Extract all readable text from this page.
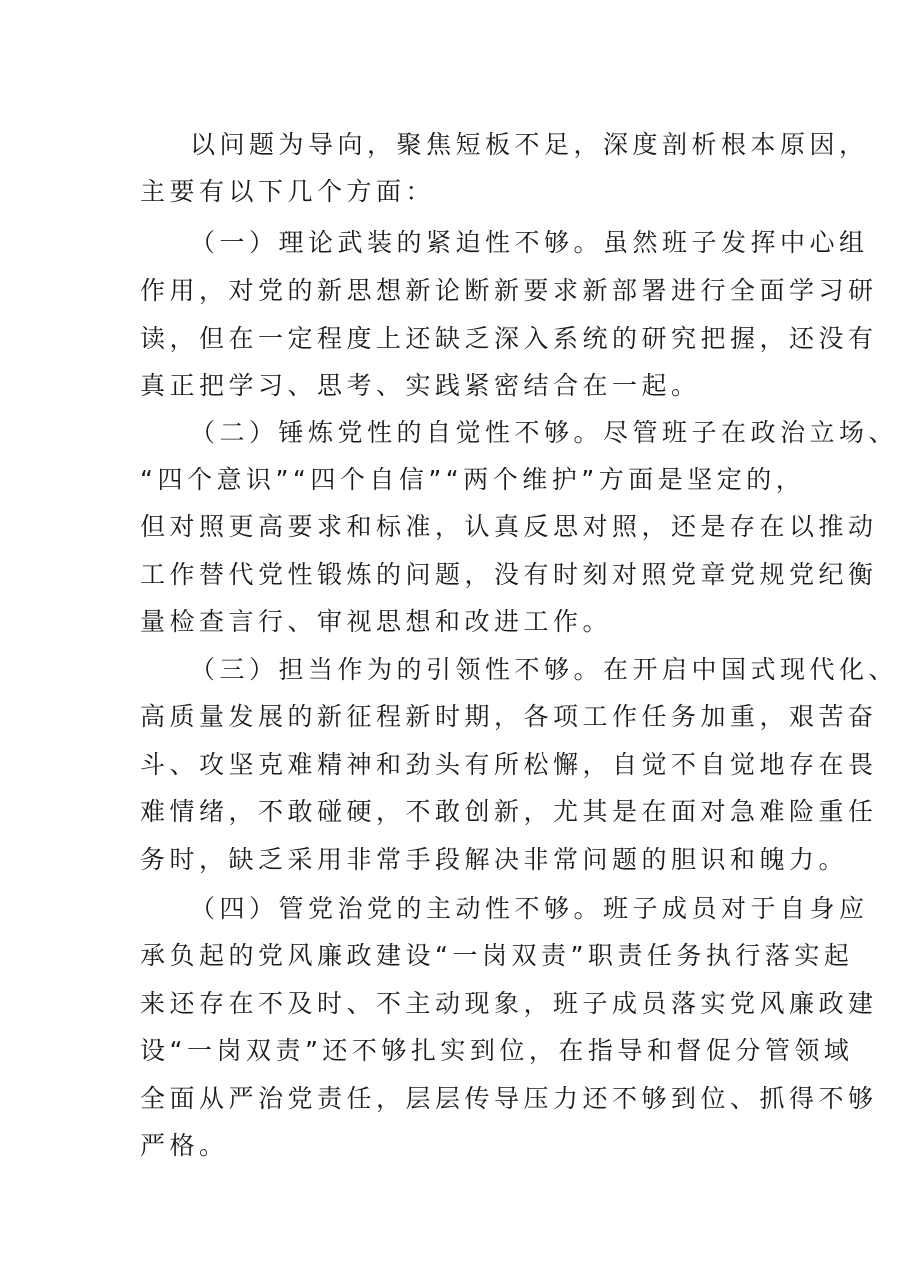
以问题为导向，聚焦短板不足，深度剖析根本原因，

主要有以下几个方面：

（一）理论武装的紧迫性不够。虽然班子发挥中心组

作用，对党的新思想新论断新要求新部署进行全面学习研

读，但在一定程度上还缺乏深入系统的研究把握，还没有

真正把学习、思考、实践紧密结合在一起。

（二）锤炼党性的自觉性不够。尽管班子在政治立场、

“四个意识”“四个自信”“两个维护”方面是坚定的，

但对照更高要求和标准，认真反思对照，还是存在以推动

工作替代党性锻炼的问题，没有时刻对照党章党规党纪衡

量检查言行、审视思想和改进工作。

（三）担当作为的引领性不够。在开启中国式现代化、

高质量发展的新征程新时期，各项工作任务加重，艰苦奋

斗、攻坚克难精神和劲头有所松懈，自觉不自觉地存在畏

难情绪，不敢碰硬，不敢创新，尤其是在面对急难险重任

务时，缺乏采用非常手段解决非常问题的胆识和魄力。

（四）管党治党的主动性不够。班子成员对于自身应

承负起的党风廉政建设“一岗双责”职责任务执行落实起

来还存在不及时、不主动现象，班子成员落实党风廉政建

设“一岗双责”还不够扎实到位，在指导和督促分管领域

全面从严治党责任，层层传导压力还不够到位、抓得不够

严格。
